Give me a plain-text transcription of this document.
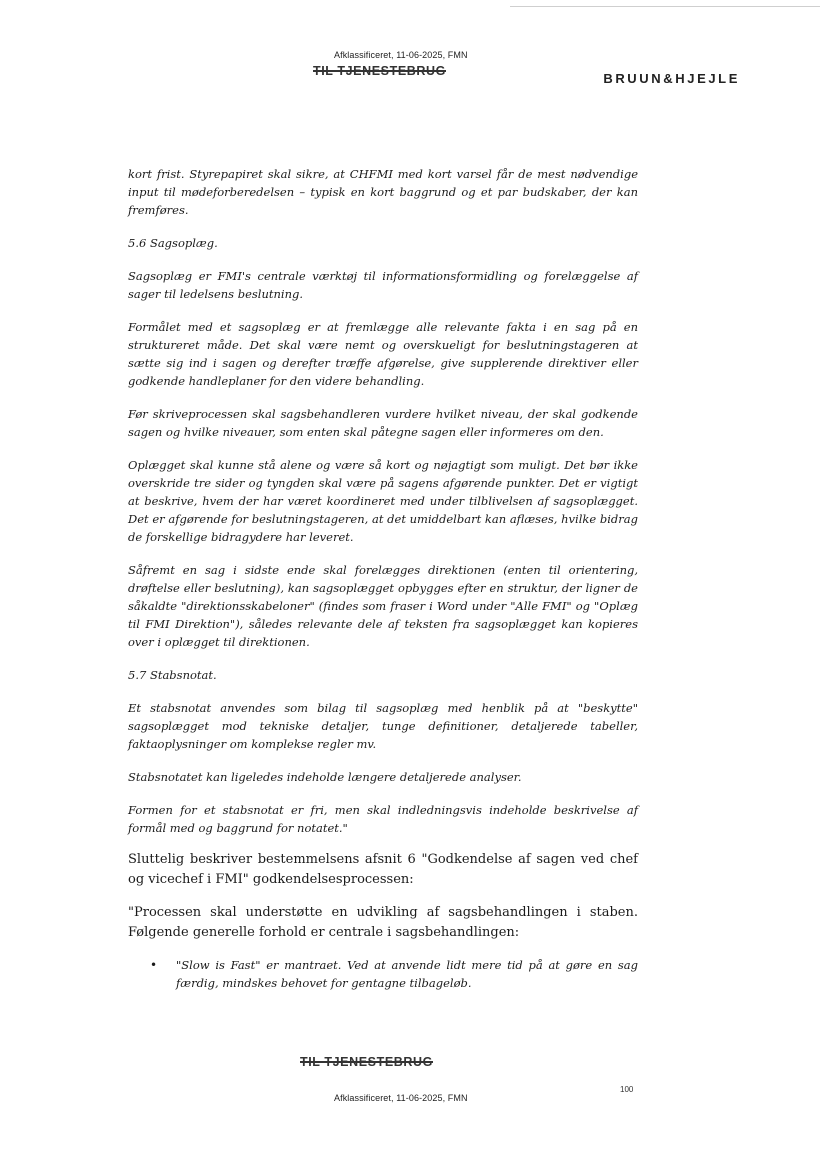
Afklassificeret, 11-06-2025, FMN
TIL TJENESTEBRUG	BRUUN&HJEJLE

kort frist. Styrepapiret skal sikre, at CHFMI med kort varsel får de mest nødvendige input til mødeforberedelsen – typisk en kort baggrund og et par budskaber, der kan fremføres.

5.6 Sagsoplæg.

Sagsoplæg er FMI's centrale værktøj til informationsformidling og forelæggelse af sager til ledelsens beslutning.

Formålet med et sagsoplæg er at fremlægge alle relevante fakta i en sag på en struktureret måde. Det skal være nemt og overskueligt for beslutningstageren at sætte sig ind i sagen og derefter træffe afgørelse, give supplerende direktiver eller godkende handleplaner for den videre behandling.

Før skriveprocessen skal sagsbehandleren vurdere hvilket niveau, der skal godkende sagen og hvilke niveauer, som enten skal påtegne sagen eller informeres om den.

Oplægget skal kunne stå alene og være så kort og nøjagtigt som muligt. Det bør ikke overskride tre sider og tyngden skal være på sagens afgørende punkter. Det er vigtigt at beskrive, hvem der har været koordineret med under tilblivelsen af sagsoplægget. Det er afgørende for beslutningstageren, at det umiddelbart kan aflæses, hvilke bidrag de forskellige bidragydere har leveret.

Såfremt en sag i sidste ende skal forelægges direktionen (enten til orientering, drøftelse eller beslutning), kan sagsoplægget opbygges efter en struktur, der ligner de såkaldte "direktionsskabeloner" (findes som fraser i Word under "Alle FMI" og "Oplæg til FMI Direktion"), således relevante dele af teksten fra sagsoplægget kan kopieres over i oplægget til direktionen.

5.7 Stabsnotat.

Et stabsnotat anvendes som bilag til sagsoplæg med henblik på at "beskytte" sagsoplægget mod tekniske detaljer, tunge definitioner, detaljerede tabeller, faktaoplysninger om komplekse regler mv.

Stabsnotatet kan ligeledes indeholde længere detaljerede analyser.

Formen for et stabsnotat er fri, men skal indledningsvis indeholde beskrivelse af formål med og baggrund for notatet."

Sluttelig beskriver bestemmelsens afsnit 6 "Godkendelse af sagen ved chef og vicechef i FMI" godkendelsesprocessen:

"Processen skal understøtte en udvikling af sagsbehandlingen i staben. Følgende generelle forhold er centrale i sagsbehandlingen:

•	"Slow is Fast" er mantraet. Ved at anvende lidt mere tid på at gøre en sag færdig, mindskes behovet for gentagne tilbageløb.
TIL TJENESTEBRUG
100
Afklassificeret, 11-06-2025, FMN
